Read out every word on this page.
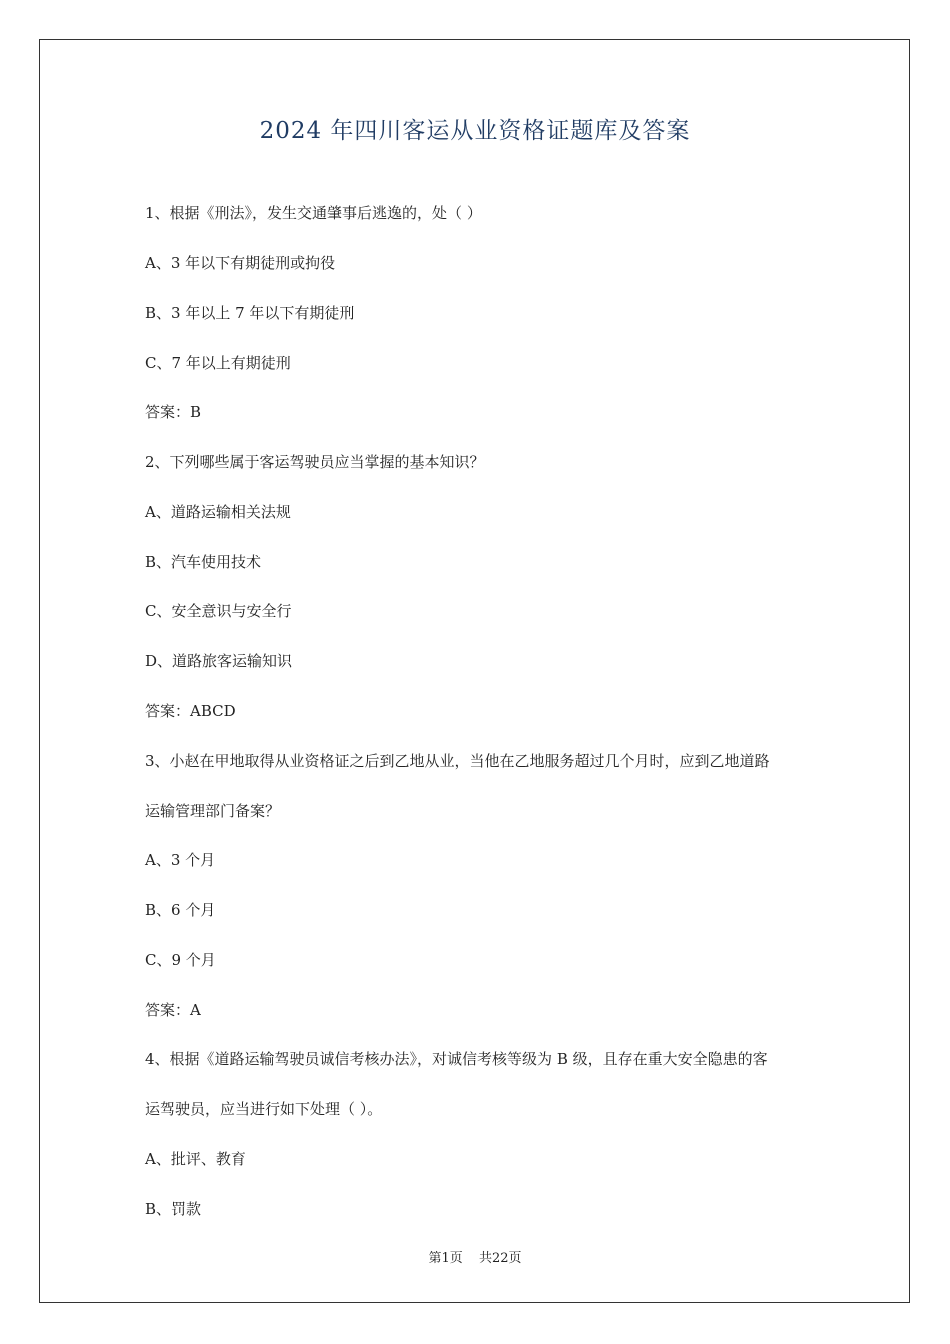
2024 年四川客运从业资格证题库及答案
1、根据《刑法》，发生交通肇事后逃逸的，处（ ）
A、3 年以下有期徒刑或拘役
B、3 年以上 7 年以下有期徒刑
C、7 年以上有期徒刑
答案：B
2、下列哪些属于客运驾驶员应当掌握的基本知识？
A、道路运输相关法规
B、汽车使用技术
C、安全意识与安全行
D、道路旅客运输知识
答案：ABCD
3、小赵在甲地取得从业资格证之后到乙地从业，当他在乙地服务超过几个月时，应到乙地道路
运输管理部门备案？
A、3 个月
B、6 个月
C、9 个月
答案：A
4、根据《道路运输驾驶员诚信考核办法》，对诚信考核等级为 B 级，且存在重大安全隐患的客
运驾驶员，应当进行如下处理（ ）。
A、批评、教育
B、罚款
第1页 共22页
